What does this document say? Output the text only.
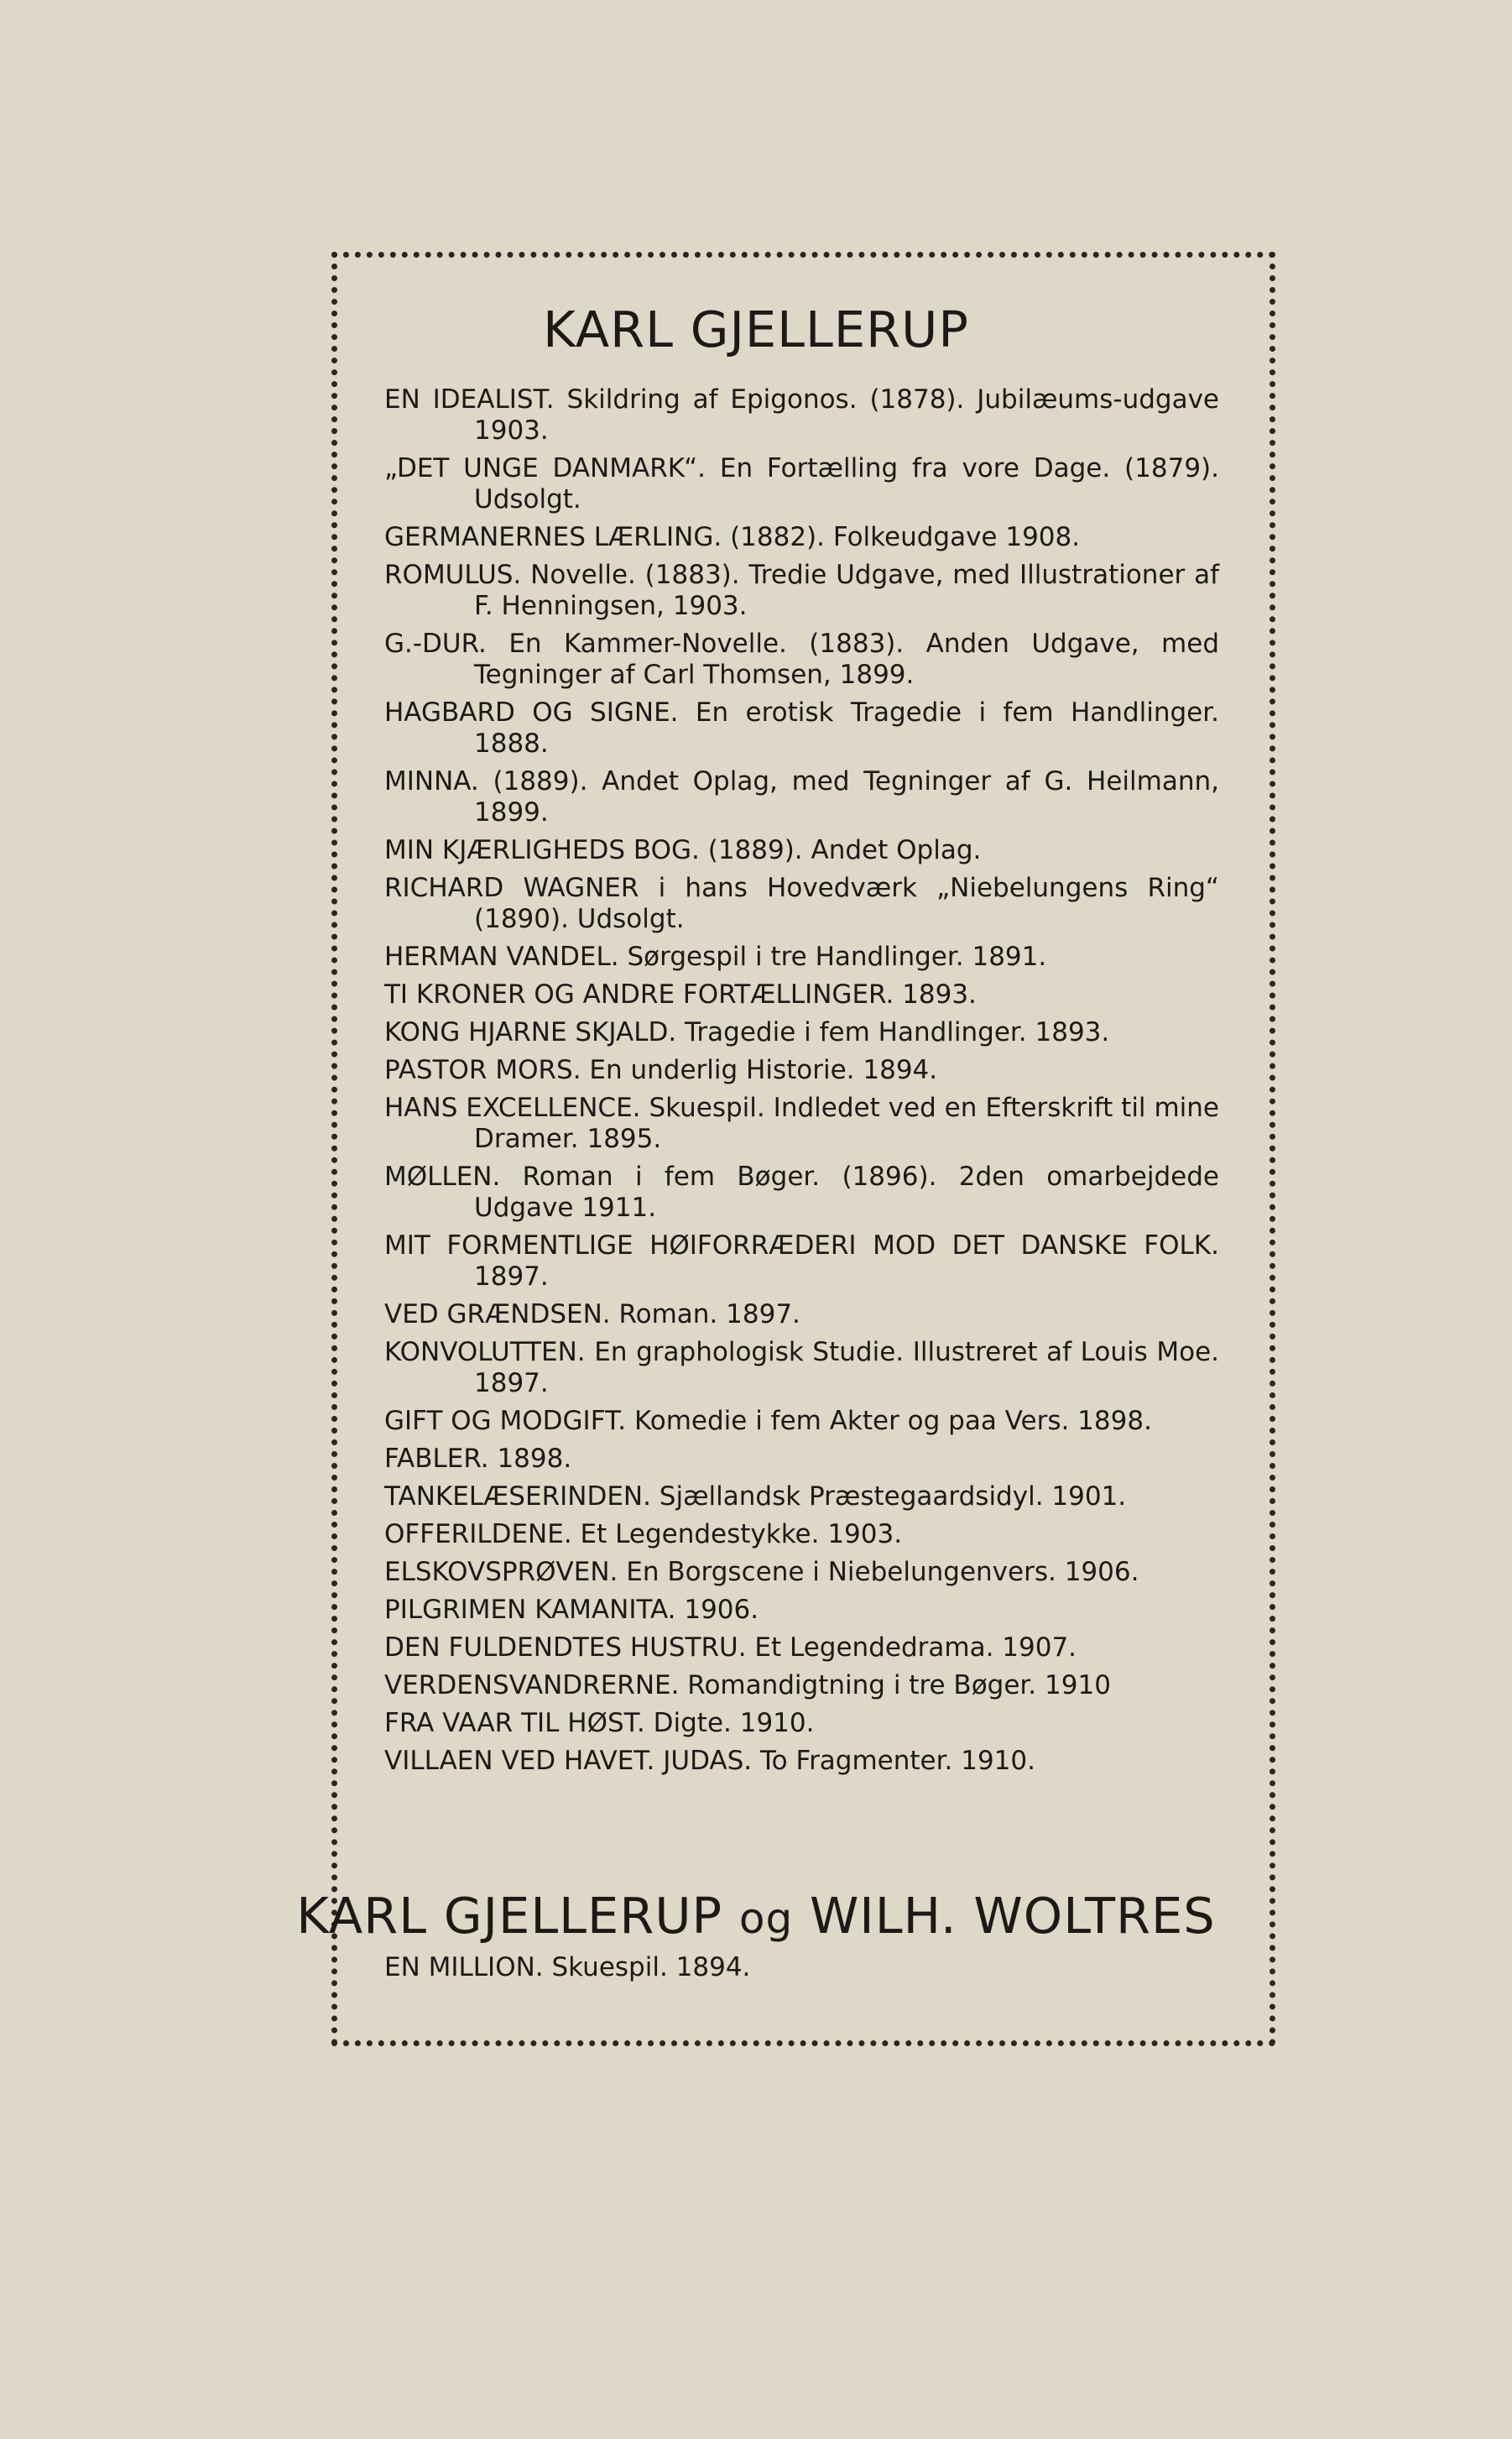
KARL GJELLERUP
EN IDEALIST. Skildring af Epigonos. (1878). Jubilæums-udgave 1903.
„DET UNGE DANMARK“. En Fortælling fra vore Dage. (1879). Udsolgt.
GERMANERNES LÆRLING. (1882). Folkeudgave 1908.
ROMULUS. Novelle. (1883). Tredie Udgave, med Illustrationer af F. Henningsen, 1903.
G.-DUR. En Kammer-Novelle. (1883). Anden Udgave, med Tegninger af Carl Thomsen, 1899.
HAGBARD OG SIGNE. En erotisk Tragedie i fem Handlinger. 1888.
MINNA. (1889). Andet Oplag, med Tegninger af G. Heilmann, 1899.
MIN KJÆRLIGHEDS BOG. (1889). Andet Oplag.
RICHARD WAGNER i hans Hovedværk „Niebelungens Ring“ (1890). Udsolgt.
HERMAN VANDEL. Sørgespil i tre Handlinger. 1891.
TI KRONER OG ANDRE FORTÆLLINGER. 1893.
KONG HJARNE SKJALD. Tragedie i fem Handlinger. 1893.
PASTOR MORS. En underlig Historie. 1894.
HANS EXCELLENCE. Skuespil. Indledet ved en Efterskrift til mine Dramer. 1895.
MØLLEN. Roman i fem Bøger. (1896). 2den omarbejdede Udgave 1911.
MIT FORMENTLIGE HØIFORRÆDERI MOD DET DANSKE FOLK. 1897.
VED GRÆNDSEN. Roman. 1897.
KONVOLUTTEN. En graphologisk Studie. Illustreret af Louis Moe. 1897.
GIFT OG MODGIFT. Komedie i fem Akter og paa Vers. 1898.
FABLER. 1898.
TANKELÆSERINDEN. Sjællandsk Præstegaardsidyl. 1901.
OFFERILDENE. Et Legendestykke. 1903.
ELSKOVSPRØVEN. En Borgscene i Niebelungenvers. 1906.
PILGRIMEN KAMANITA. 1906.
DEN FULDENDTES HUSTRU. Et Legendedrama. 1907.
VERDENSVANDRERNE. Romandigtning i tre Bøger. 1910
FRA VAAR TIL HØST. Digte. 1910.
VILLAEN VED HAVET. JUDAS. To Fragmenter. 1910.
KARL GJELLERUP og WILH. WOLTRES
EN MILLION. Skuespil. 1894.
